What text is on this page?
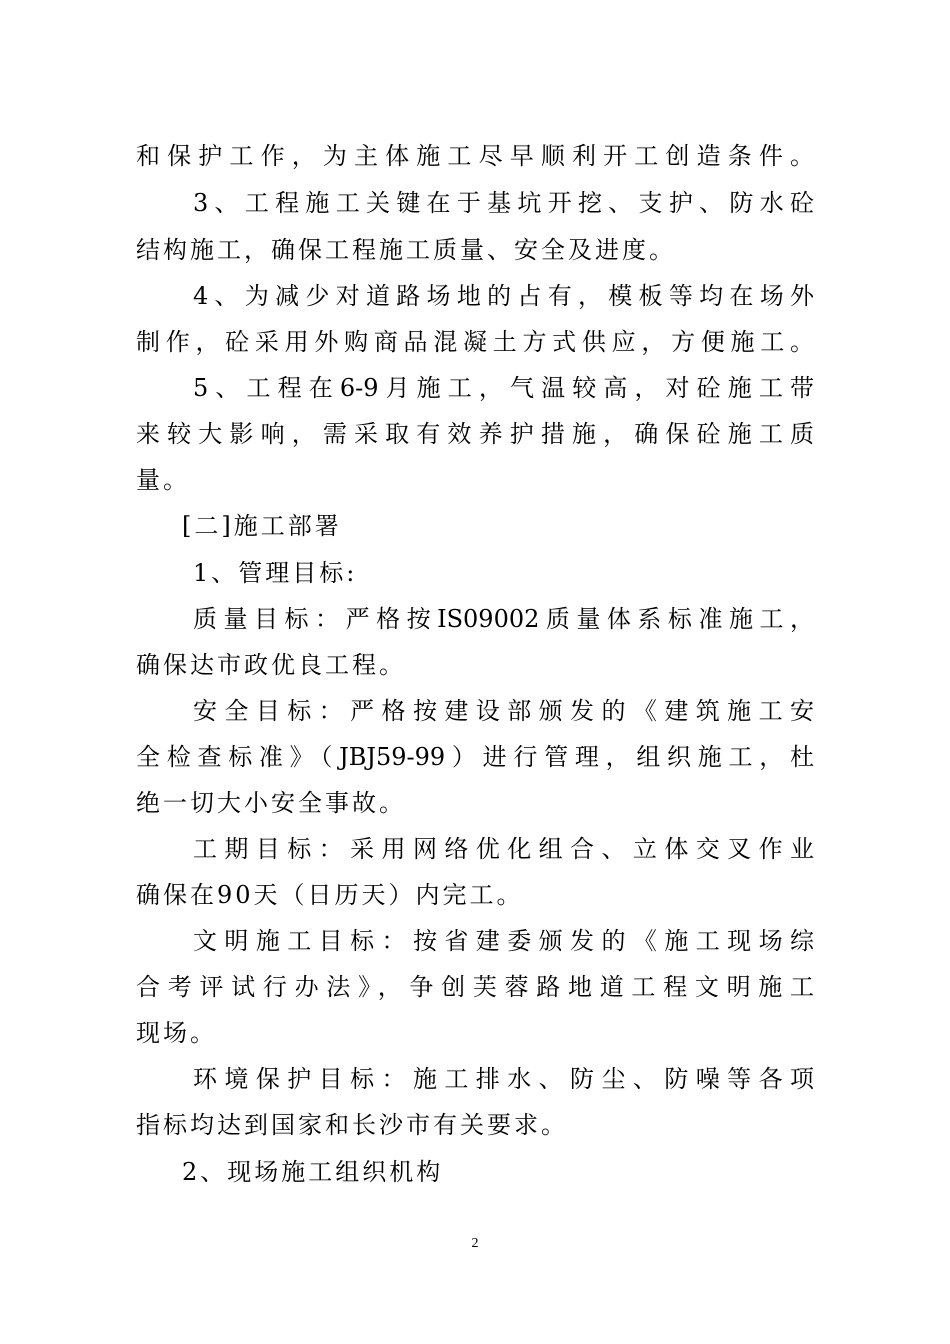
和保护工作，为主体施工尽早顺利开工创造条件。
3、工程施工关键在于基坑开挖、支护、防水砼
结构施工，确保工程施工质量、安全及进度。
4、为减少对道路场地的占有，模板等均在场外
制作，砼采用外购商品混凝土方式供应，方便施工。
5、工程在6-9月施工，气温较高，对砼施工带
来较大影响，需采取有效养护措施，确保砼施工质
量。
[二]施工部署
1、管理目标:
质量目标：严格按IS09002质量体系标准施工，
确保达市政优良工程。
安全目标：严格按建设部颁发的《建筑施工安
全检查标准》（JBJ59-99）进行管理，组织施工，杜
绝一切大小安全事故。
工期目标：采用网络优化组合、立体交叉作业
确保在90天（日历天）内完工。
文明施工目标：按省建委颁发的《施工现场综
合考评试行办法》，争创芙蓉路地道工程文明施工
现场。
环境保护目标：施工排水、防尘、防噪等各项
指标均达到国家和长沙市有关要求。
2、现场施工组织机构
2
